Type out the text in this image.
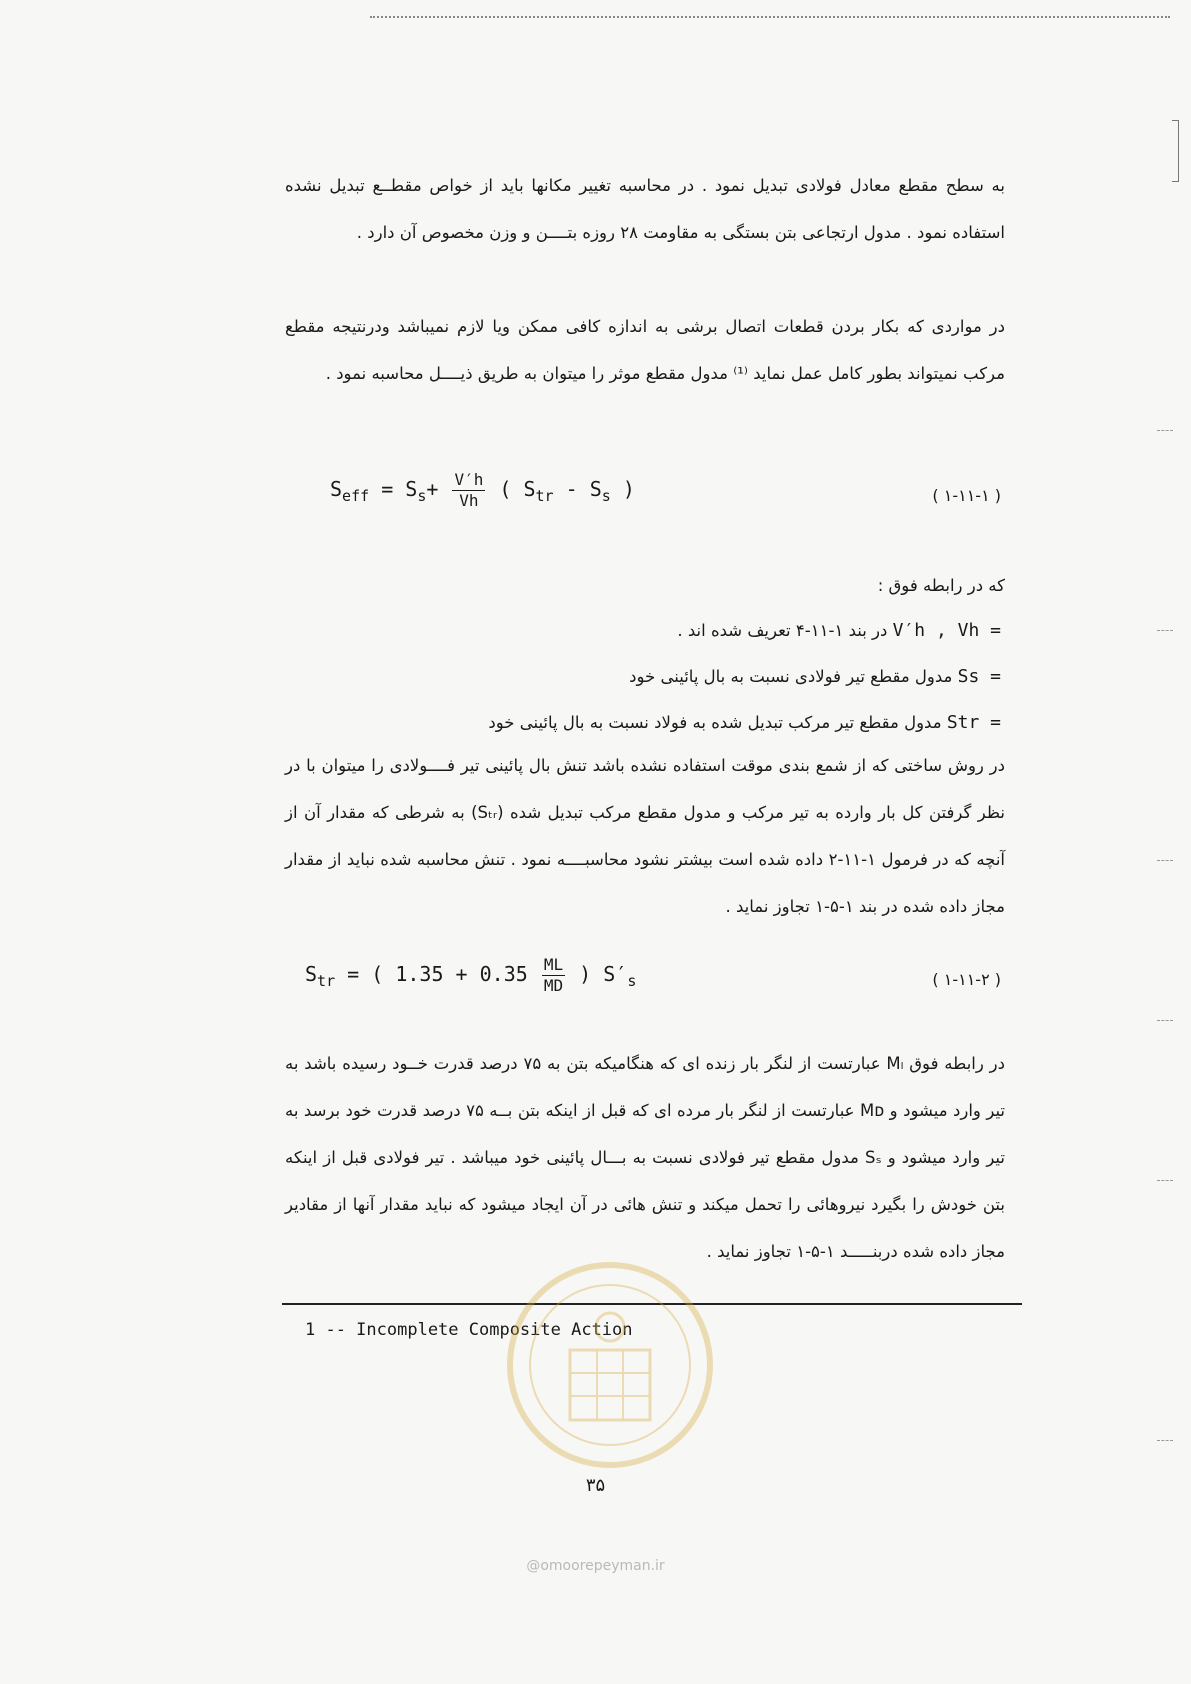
به سطح مقطع معادل فولادی تبدیل نمود . در محاسبه تغییر مکانها باید از خواص مقطــع تبدیل نشده استفاده نمود . مدول ارتجاعی بتن بستگی به مقاومت ۲۸ روزه بتــــن و وزن مخصوص آن دارد .

در مواردی که بکار بردن قطعات اتصال برشی به اندازه کافی ممکن ویا لازم نمیباشد ودرنتیجه مقطع مرکب نمیتواند بطور کامل عمل نماید ⁽¹⁾ مدول مقطع موثر را میتوان به طریق ذیــــل محاسبه نمود .

$S_{eff} = S_s+ \frac{V'h}{Vh}$ ( $S_{tr} - S_s$ )	( ۱-۱۱-۱ )

که در رابطه فوق :

V′h , Vh = در بند ۱-۱۱-۴ تعریف شده اند .
Ss = مدول مقطع تیر فولادی نسبت به بال پائینی خود
Str = مدول مقطع تیر مرکب تبدیل شده به فولاد نسبت به بال پائینی خود

در روش ساختی که از شمع بندی موقت استفاده نشده باشد تنش بال پائینی تیر فــــولادی را میتوان با در نظر گرفتن کل بار وارده به تیر مرکب و مدول مقطع مرکب تبدیل شده (Sₜᵣ) به شرطی که مقدار آن از آنچه که در فرمول ۱-۱۱-۲ داده شده است بیشتر نشود محاسبــــه نمود . تنش محاسبه شده نباید از مقدار مجاز داده شده در بند ۱-۵-۱ تجاوز نماید .

$S_{tr}$ = ( $1.35 + 0.35 \frac{ML}{MD}$ ) $S'_s$	( ۱-۱۱-۲ )

در رابطه فوق Mₗ عبارتست از لنگر بار زنده ای که هنگامیکه بتن به ۷۵ درصد قدرت خــود رسیده باشد به تیر وارد میشود و Mᴅ عبارتست از لنگر بار مرده ای که قبل از اینکه بتن بــه ۷۵ درصد قدرت خود برسد به تیر وارد میشود و Sₛ مدول مقطع تیر فولادی نسبت به بـــال پائینی خود میباشد . تیر فولادی قبل از اینکه بتن خودش را بگیرد نیروهائی را تحمل میکند و تنش هائی در آن ایجاد میشود که نباید مقدار آنها از مقادیر مجاز داده شده دربنـــــد ۱-۵-۱ تجاوز نماید .

1 -- Incomplete Composite Action
@omoorepeyman.ir
۳۵
